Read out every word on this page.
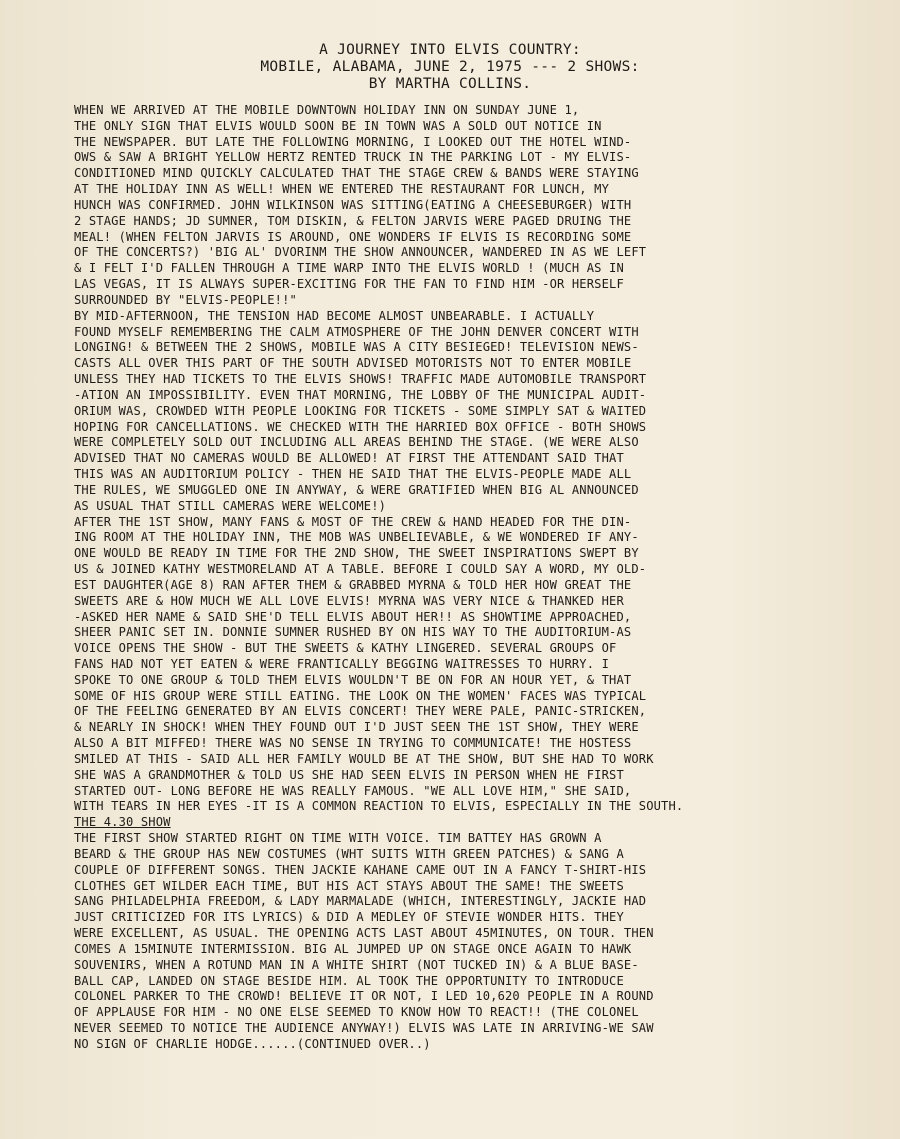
A JOURNEY INTO ELVIS COUNTRY:
MOBILE, ALABAMA, JUNE 2, 1975 --- 2 SHOWS:
BY MARTHA COLLINS.
WHEN WE ARRIVED AT THE MOBILE DOWNTOWN HOLIDAY INN ON SUNDAY JUNE 1,
THE ONLY SIGN THAT ELVIS WOULD SOON BE IN TOWN WAS A SOLD OUT NOTICE IN
THE NEWSPAPER. BUT LATE THE FOLLOWING MORNING, I LOOKED OUT THE HOTEL WIND-
OWS & SAW A BRIGHT YELLOW HERTZ RENTED TRUCK IN THE PARKING LOT - MY ELVIS-
CONDITIONED MIND QUICKLY CALCULATED THAT THE STAGE CREW & BANDS WERE STAYING
AT THE HOLIDAY INN AS WELL! WHEN WE ENTERED THE RESTAURANT FOR LUNCH, MY
HUNCH WAS CONFIRMED. JOHN WILKINSON WAS SITTING(EATING A CHEESEBURGER) WITH
2 STAGE HANDS; JD SUMNER, TOM DISKIN, & FELTON JARVIS WERE PAGED DRUING THE
MEAL! (WHEN FELTON JARVIS IS AROUND, ONE WONDERS IF ELVIS IS RECORDING SOME
OF THE CONCERTS?) 'BIG AL' DVORINM THE SHOW ANNOUNCER, WANDERED IN AS WE LEFT
& I FELT I'D FALLEN THROUGH A TIME WARP INTO THE ELVIS WORLD ! (MUCH AS IN
LAS VEGAS, IT IS ALWAYS SUPER-EXCITING FOR THE FAN TO FIND HIM -OR HERSELF
SURROUNDED BY "ELVIS-PEOPLE!!"
BY MID-AFTERNOON, THE TENSION HAD BECOME ALMOST UNBEARABLE. I ACTUALLY
FOUND MYSELF REMEMBERING THE CALM ATMOSPHERE OF THE JOHN DENVER CONCERT WITH
LONGING! & BETWEEN THE 2 SHOWS, MOBILE WAS A CITY BESIEGED! TELEVISION NEWS-
CASTS ALL OVER THIS PART OF THE SOUTH ADVISED MOTORISTS NOT TO ENTER MOBILE
UNLESS THEY HAD TICKETS TO THE ELVIS SHOWS! TRAFFIC MADE AUTOMOBILE TRANSPORT
-ATION AN IMPOSSIBILITY. EVEN THAT MORNING, THE LOBBY OF THE MUNICIPAL AUDIT-
ORIUM WAS, CROWDED WITH PEOPLE LOOKING FOR TICKETS - SOME SIMPLY SAT & WAITED
HOPING FOR CANCELLATIONS. WE CHECKED WITH THE HARRIED BOX OFFICE - BOTH SHOWS
WERE COMPLETELY SOLD OUT INCLUDING ALL AREAS BEHIND THE STAGE. (WE WERE ALSO
ADVISED THAT NO CAMERAS WOULD BE ALLOWED! AT FIRST THE ATTENDANT SAID THAT
THIS WAS AN AUDITORIUM POLICY - THEN HE SAID THAT THE ELVIS-PEOPLE MADE ALL
THE RULES, WE SMUGGLED ONE IN ANYWAY, & WERE GRATIFIED WHEN BIG AL ANNOUNCED
AS USUAL THAT STILL CAMERAS WERE WELCOME!)
AFTER THE 1ST SHOW, MANY FANS & MOST OF THE CREW & HAND HEADED FOR THE DIN-
ING ROOM AT THE HOLIDAY INN, THE MOB WAS UNBELIEVABLE, & WE WONDERED IF ANY-
ONE WOULD BE READY IN TIME FOR THE 2ND SHOW, THE SWEET INSPIRATIONS SWEPT BY
US & JOINED KATHY WESTMORELAND AT A TABLE. BEFORE I COULD SAY A WORD, MY OLD-
EST DAUGHTER(AGE 8) RAN AFTER THEM & GRABBED MYRNA & TOLD HER HOW GREAT THE
SWEETS ARE & HOW MUCH WE ALL LOVE ELVIS! MYRNA WAS VERY NICE & THANKED HER
-ASKED HER NAME & SAID SHE'D TELL ELVIS ABOUT HER!! AS SHOWTIME APPROACHED,
SHEER PANIC SET IN. DONNIE SUMNER RUSHED BY ON HIS WAY TO THE AUDITORIUM-AS
VOICE OPENS THE SHOW - BUT THE SWEETS & KATHY LINGERED. SEVERAL GROUPS OF
FANS HAD NOT YET EATEN & WERE FRANTICALLY BEGGING WAITRESSES TO HURRY. I
SPOKE TO ONE GROUP & TOLD THEM ELVIS WOULDN'T BE ON FOR AN HOUR YET, & THAT
SOME OF HIS GROUP WERE STILL EATING. THE LOOK ON THE WOMEN' FACES WAS TYPICAL
OF THE FEELING GENERATED BY AN ELVIS CONCERT! THEY WERE PALE, PANIC-STRICKEN,
& NEARLY IN SHOCK! WHEN THEY FOUND OUT I'D JUST SEEN THE 1ST SHOW, THEY WERE
ALSO A BIT MIFFED! THERE WAS NO SENSE IN TRYING TO COMMUNICATE! THE HOSTESS
SMILED AT THIS - SAID ALL HER FAMILY WOULD BE AT THE SHOW, BUT SHE HAD TO WORK
SHE WAS A GRANDMOTHER & TOLD US SHE HAD SEEN ELVIS IN PERSON WHEN HE FIRST
STARTED OUT- LONG BEFORE HE WAS REALLY FAMOUS. "WE ALL LOVE HIM," SHE SAID,
WITH TEARS IN HER EYES -IT IS A COMMON REACTION TO ELVIS, ESPECIALLY IN THE SOUTH.
THE 4.30 SHOW
THE FIRST SHOW STARTED RIGHT ON TIME WITH VOICE. TIM BATTEY HAS GROWN A
BEARD & THE GROUP HAS NEW COSTUMES (WHT SUITS WITH GREEN PATCHES) & SANG A
COUPLE OF DIFFERENT SONGS. THEN JACKIE KAHANE CAME OUT IN A FANCY T-SHIRT-HIS
CLOTHES GET WILDER EACH TIME, BUT HIS ACT STAYS ABOUT THE SAME! THE SWEETS
SANG PHILADELPHIA FREEDOM, & LADY MARMALADE (WHICH, INTERESTINGLY, JACKIE HAD
JUST CRITICIZED FOR ITS LYRICS) & DID A MEDLEY OF STEVIE WONDER HITS. THEY
WERE EXCELLENT, AS USUAL. THE OPENING ACTS LAST ABOUT 45MINUTES, ON TOUR. THEN
COMES A 15MINUTE INTERMISSION. BIG AL JUMPED UP ON STAGE ONCE AGAIN TO HAWK
SOUVENIRS, WHEN A ROTUND MAN IN A WHITE SHIRT (NOT TUCKED IN) & A BLUE BASE-
BALL CAP, LANDED ON STAGE BESIDE HIM. AL TOOK THE OPPORTUNITY TO INTRODUCE
COLONEL PARKER TO THE CROWD! BELIEVE IT OR NOT, I LED 10,620 PEOPLE IN A ROUND
OF APPLAUSE FOR HIM - NO ONE ELSE SEEMED TO KNOW HOW TO REACT!! (THE COLONEL
NEVER SEEMED TO NOTICE THE AUDIENCE ANYWAY!) ELVIS WAS LATE IN ARRIVING-WE SAW
NO SIGN OF CHARLIE HODGE......(CONTINUED OVER..)
